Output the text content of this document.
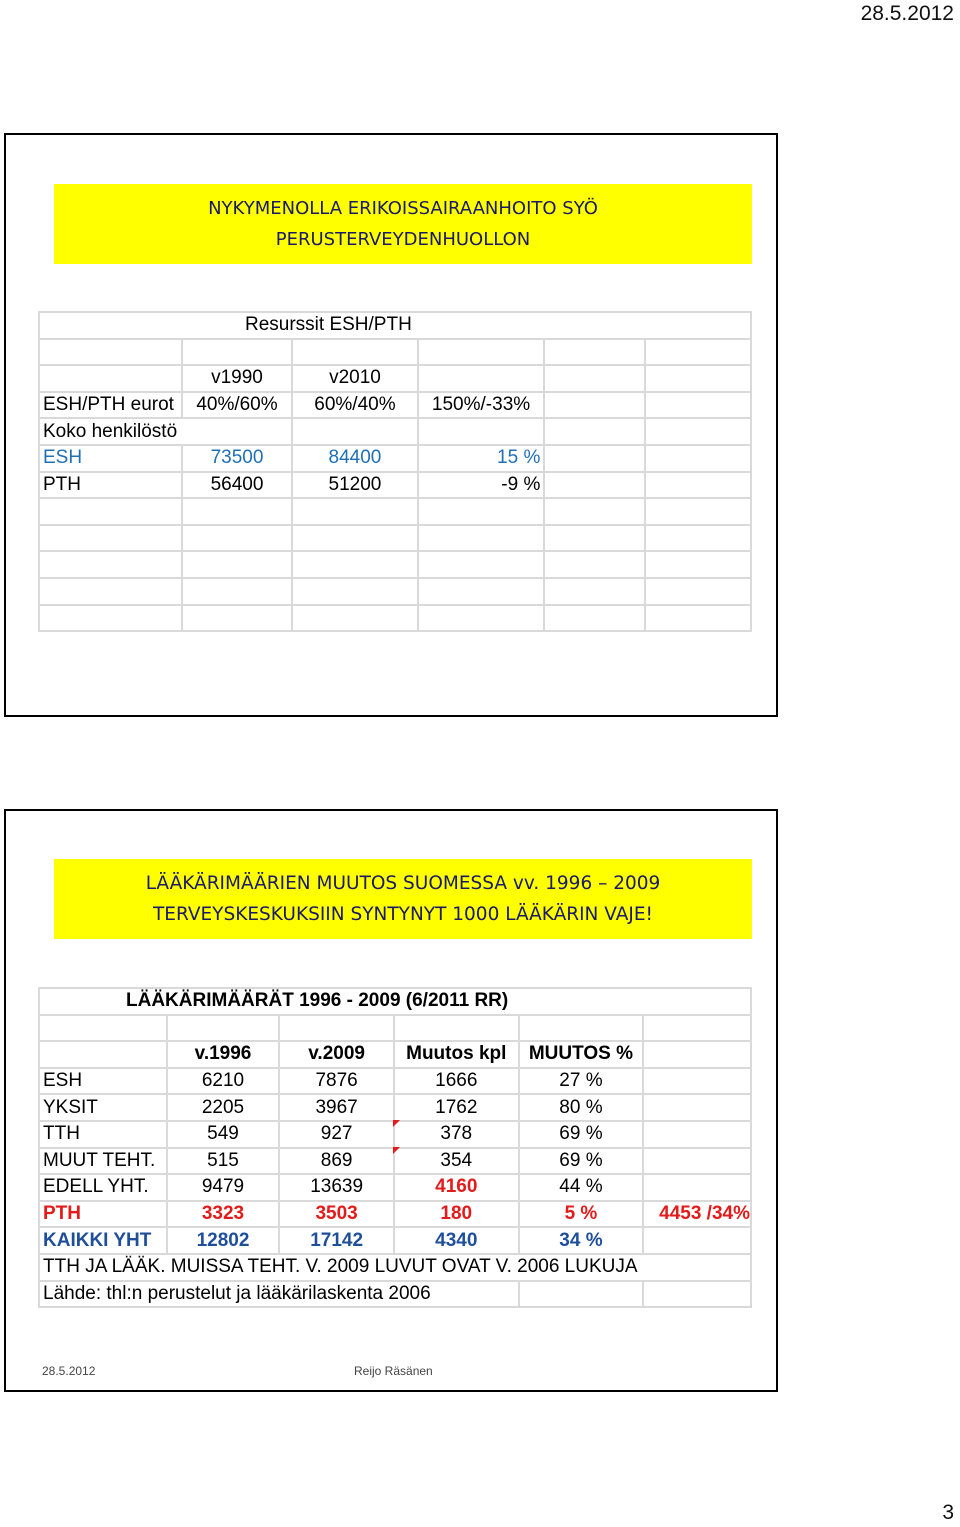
28.5.2012
NYKYMENOLLA ERIKOISSAIRAANHOITO SYÖ
PERUSTERVEYDENHUOLLON
Resurssit ESH/PTH					

	v1990	v2010			
ESH/PTH eurot	40%/60%	60%/40%	150%/-33%		
Koko henkilöstö					
ESH	73500	84400	15 %		
PTH	56400	51200	-9 %		

LÄÄKÄRIMÄÄRIEN MUUTOS SUOMESSA vv. 1996 – 2009
TERVEYSKESKUKSIIN SYNTYNYT 1000 LÄÄKÄRIN VAJE!
LÄÄKÄRIMÄÄRÄT 1996 - 2009 (6/2011 RR)					

	v.1996	v.2009	Muutos kpl	MUUTOS %	
ESH	6210	7876	1666	27 %	
YKSIT	2205	3967	1762	80 %	
TTH	549	927	378	69 %	
MUUT TEHT.	515	869	354	69 %	
EDELL YHT.	9479	13639	4160	44 %	
PTH	3323	3503	180	5 %	4453 /34%
KAIKKI YHT	12802	17142	4340	34 %	
TTH JA LÄÄK. MUISSA TEHT. V. 2009 LUVUT OVAT V. 2006 LUKUJA					
Lähde: thl:n perustelut ja lääkärilaskenta 2006					
28.5.2012	Reijo Räsänen
3
